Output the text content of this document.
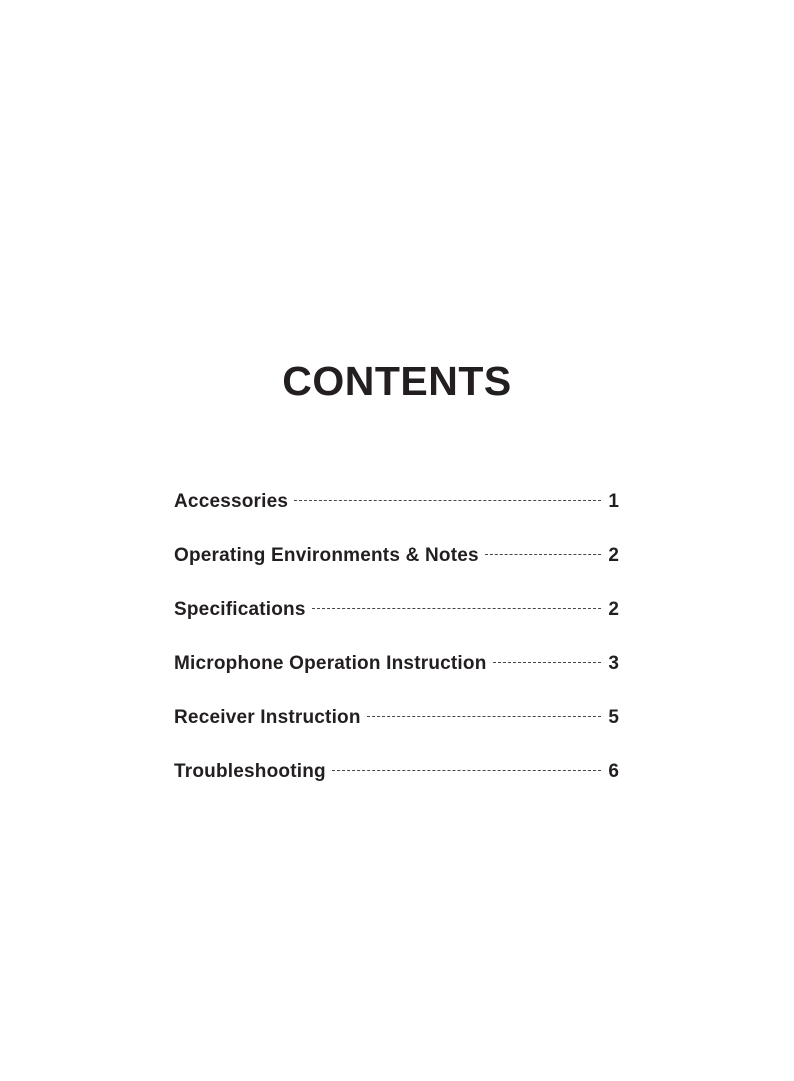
CONTENTS
Accessories	1
Operating Environments & Notes	2
Specifications	2
Microphone Operation Instruction	3
Receiver Instruction	5
Troubleshooting	6
